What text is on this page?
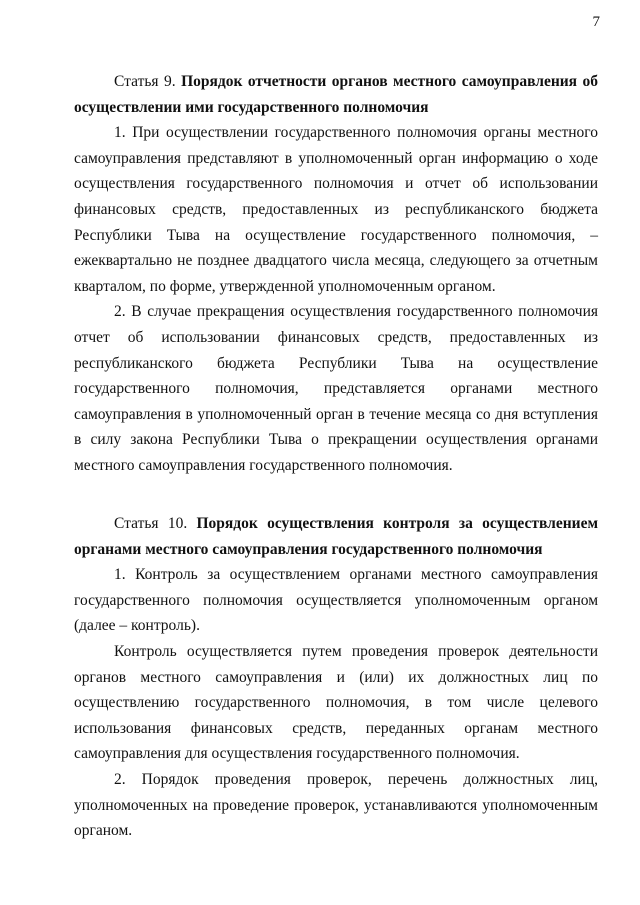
7

Статья 9. Порядок отчетности органов местного самоуправления об осуществлении ими государственного полномочия

1. При осуществлении государственного полномочия органы местного самоуправления представляют в уполномоченный орган информацию о ходе осуществления государственного полномочия и отчет об использовании финансовых средств, предоставленных из республиканского бюджета Республики Тыва на осуществление государственного полномочия, – ежеквартально не позднее двадцатого числа месяца, следующего за отчетным кварталом, по форме, утвержденной уполномоченным органом.

2. В случае прекращения осуществления государственного полномочия отчет об использовании финансовых средств, предоставленных из республиканского бюджета Республики Тыва на осуществление государственного полномочия, представляется органами местного самоуправления в уполномоченный орган в течение месяца со дня вступления в силу закона Республики Тыва о прекращении осуществления органами местного самоуправления государственного полномочия.

Статья 10. Порядок осуществления контроля за осуществлением органами местного самоуправления государственного полномочия

1. Контроль за осуществлением органами местного самоуправления государственного полномочия осуществляется уполномоченным органом (далее – контроль).

Контроль осуществляется путем проведения проверок деятельности органов местного самоуправления и (или) их должностных лиц по осуществлению государственного полномочия, в том числе целевого использования финансовых средств, переданных органам местного самоуправления для осуществления государственного полномочия.

2. Порядок проведения проверок, перечень должностных лиц, уполномоченных на проведение проверок, устанавливаются уполномоченным органом.
